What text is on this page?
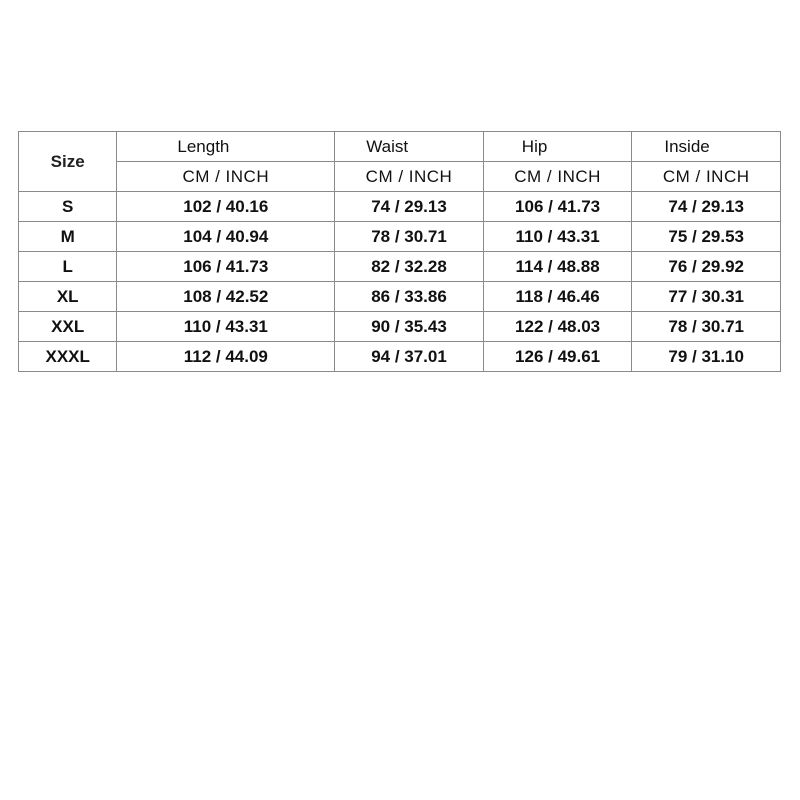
Size	Length	Waist	Hip	Inside
	CM / INCH	CM / INCH	CM / INCH	CM / INCH
S	102 / 40.16	74 / 29.13	106 / 41.73	74 / 29.13
M	104 / 40.94	78 / 30.71	110 / 43.31	75 / 29.53
L	106 / 41.73	82 / 32.28	114 / 48.88	76 / 29.92
XL	108 / 42.52	86 / 33.86	118 / 46.46	77 / 30.31
XXL	110 / 43.31	90 / 35.43	122 / 48.03	78 / 30.71
XXXL	112 / 44.09	94 / 37.01	126 / 49.61	79 / 31.10
